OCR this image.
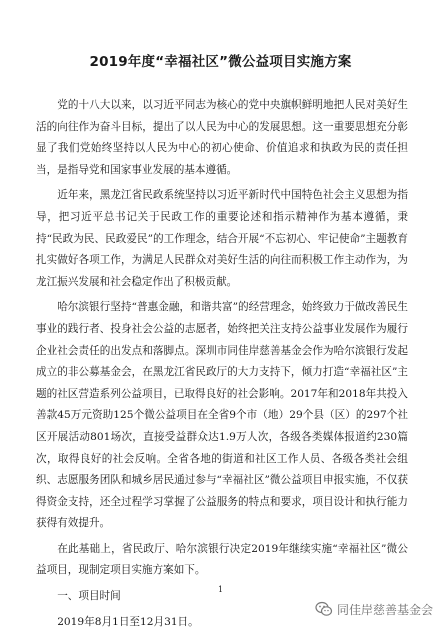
2019年度“幸福社区”微公益项目实施方案

党的十八大以来，以习近平同志为核心的党中央旗帜鲜明地把人民对美好生活的向往作为奋斗目标，提出了以人民为中心的发展思想。这一重要思想充分彰显了我们党始终坚持以人民为中心的初心使命、价值追求和执政为民的责任担当，是指导党和国家事业发展的基本遵循。

近年来，黑龙江省民政系统坚持以习近平新时代中国特色社会主义思想为指导，把习近平总书记关于民政工作的重要论述和指示精神作为基本遵循，秉持“民政为民、民政爱民”的工作理念，结合开展“不忘初心、牢记使命”主题教育扎实做好各项工作，为满足人民群众对美好生活的向往而积极工作主动作为，为龙江振兴发展和社会稳定作出了积极贡献。

哈尔滨银行坚持“普惠金融，和谐共富”的经营理念，始终致力于做改善民生事业的践行者、投身社会公益的志愿者，始终把关注支持公益事业发展作为履行企业社会责任的出发点和落脚点。深圳市同佳岸慈善基金会作为哈尔滨银行发起成立的非公募基金会，在黑龙江省民政厅的大力支持下，倾力打造“幸福社区”主题的社区营造系列公益项目，已取得良好的社会影响。2017年和2018年共投入善款45万元资助125个微公益项目在全省9个市（地）29个县（区）的297个社区开展活动801场次，直接受益群众达1.9万人次，各级各类媒体报道约230篇次，取得良好的社会反响。全省各地的街道和社区工作人员、各级各类社会组织、志愿服务团队和城乡居民通过参与“幸福社区”微公益项目申报实施，不仅获得资金支持，还全过程学习掌握了公益服务的特点和要求，项目设计和执行能力获得有效提升。

在此基础上，省民政厅、哈尔滨银行决定2019年继续实施“幸福社区”微公益项目，现制定项目实施方案如下。

一、项目时间

2019年8月1日至12月31日。

1
同佳岸慈善基金会
